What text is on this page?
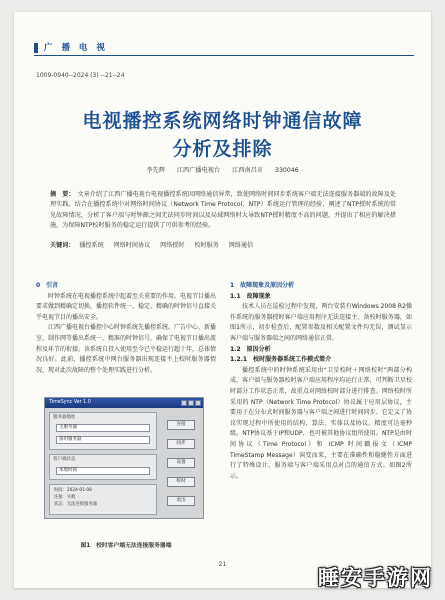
广 播 电 视
1009-0940--2024 (3) --21--24
电视播控系统网络时钟通信故障
分析及排除
李先辉 江西广播电视台 江西南昌市 330046
摘　要： 文章介绍了江西广播电视台电视播控系统因网络通信异常，致使网络时间同步系统客户端无法连接服务器端的故障及处理实践。结合在播控系统中对网络时间协议（Network Time Protocol，NTP）系统运行管理的经验，阐述了NTP授时系统的常见故障情况，分析了客户端与时钟源之间无法同步时间以及局域网络时大导致NTP授时精度不高的问题，并提出了相应的解决措施，为保障NTP校时服务的稳定运行提供了可供参考的经验。
关键词： 播控系统 网络时间协议 网络授时 校时服务 网络通信
0　引言
时钟系统在电视播控系统中起着至关重要的作用。电视节目播出要求做到精确定切换，播控软件统一、稳定、精确的时钟信号直接关乎电视节目的播出安全。
江西广播电视台播控中心时钟系统先播控系统。广告中心、新播室、制作网等播出系统一、精准的时钟信号，确保了电视节目播出流程及环节的衔接。该系统自投入使用至今已平稳运行超十年，总体情况良好。此前，播控系统中网台服务器出现连接不上校时服务器情况，现对此次故障的整个处理实践进行分析。
1　故障现象及原因分析
1.1　故障现象
技术人员在巡检过程中发现，两台安装有Windows 2008 R2操作系统的服务器授时客户端应用程序无法连接主、备校时服务器，如图1所示，初步检查后，配置参数及相关配置文件均无误，测试显示客户端与服务器端之间的网络通信正常。
1.2　原因分析
1.2.1　校时服务器系统工作模式简介
播控系统中的时钟系统采用由“卫星校时＋网络校时”两部分构成。客户端与服务器校时客户端应用程序均运行正常，可判断卫星校时部分工作状态正常，故重点对网络校时部分进行排查。网络校时所采用的 NTP（Network Time Protocol）协议属于应用层协议，主要用于在分布式时间服务器与客户端之间进行时间同步。它定义了协议实现过程中所使用的结构、算法、实体以及协议。精度可达毫秒级。NTP协议基于IP和UDP，也可被其他协议组所使用。NTP是由时间协议（Time Protocol）和 ICMP 时间戳报文（ICMP TimeStamp Message）演变而来，主要在准确性和稳健性方面进行了特殊设计，服务端与客户端采用点对点的通信方式。如图2所示。
TimeSync Ver 1.0
服务器地址
主服务器
备用服务器
客户端状态
本地时间
时间：2024-01-08
连接：失败
状态：无法连接服务器
连接
同步
设置
校时
退出
图1　校时客户端无法连接服务器端
21
睡安手游网
